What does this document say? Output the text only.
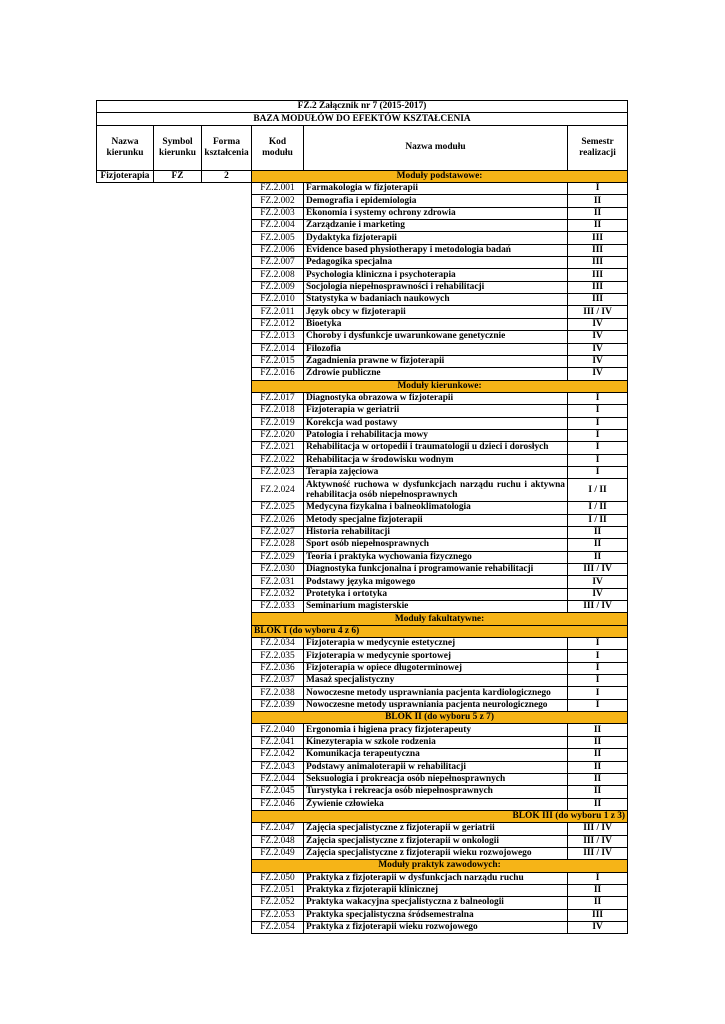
FZ.2 Załącznik nr 7 (2015-2017)					
BAZA MODUŁÓW DO EFEKTÓW KSZTAŁCENIA					
Nazwa kierunku	Symbol kierunku	Forma kształcenia	Kod modułu	Nazwa modułu	Semestr realizacji
Fizjoterapia	FZ	2	Moduły podstawowe:		
			FZ.2.001	Farmakologia w fizjoterapii	I
			FZ.2.002	Demografia i epidemiologia	II
			FZ.2.003	Ekonomia i systemy ochrony zdrowia	II
			FZ.2.004	Zarządzanie i marketing	II
			FZ.2.005	Dydaktyka fizjoterapii	III
			FZ.2.006	Evidence based physiotherapy i metodologia badań	III
			FZ.2.007	Pedagogika specjalna	III
			FZ.2.008	Psychologia kliniczna i psychoterapia	III
			FZ.2.009	Socjologia niepełnosprawności i rehabilitacji	III
			FZ.2.010	Statystyka w badaniach naukowych	III
			FZ.2.011	Język obcy w fizjoterapii	III / IV
			FZ.2.012	Bioetyka	IV
			FZ.2.013	Choroby i dysfunkcje uwarunkowane genetycznie	IV
			FZ.2.014	Filozofia	IV
			FZ.2.015	Zagadnienia prawne w fizjoterapii	IV
			FZ.2.016	Zdrowie publiczne	IV
			Moduły kierunkowe:		
			FZ.2.017	Diagnostyka obrazowa w fizjoterapii	I
			FZ.2.018	Fizjoterapia w geriatrii	I
			FZ.2.019	Korekcja wad postawy	I
			FZ.2.020	Patologia i rehabilitacja mowy	I
			FZ.2.021	Rehabilitacja w ortopedii i traumatologii u dzieci i dorosłych	I
			FZ.2.022	Rehabilitacja w środowisku wodnym	I
			FZ.2.023	Terapia zajęciowa	I
			FZ.2.024	Aktywność ruchowa w dysfunkcjach narządu ruchu i aktywna rehabilitacja osób niepełnosprawnych	I / II
			FZ.2.025	Medycyna fizykalna i balneoklimatologia	I / II
			FZ.2.026	Metody specjalne fizjoterapii	I / II
			FZ.2.027	Historia rehabilitacji	II
			FZ.2.028	Sport osób niepełnosprawnych	II
			FZ.2.029	Teoria i praktyka wychowania fizycznego	II
			FZ.2.030	Diagnostyka funkcjonalna i programowanie rehabilitacji	III / IV
			FZ.2.031	Podstawy języka migowego	IV
			FZ.2.032	Protetyka i ortotyka	IV
			FZ.2.033	Seminarium magisterskie	III / IV
			Moduły fakultatywne:		
			BLOK I (do wyboru 4 z 6)		
			FZ.2.034	Fizjoterapia w medycynie estetycznej	I
			FZ.2.035	Fizjoterapia w medycynie sportowej	I
			FZ.2.036	Fizjoterapia w opiece długoterminowej	I
			FZ.2.037	Masaż specjalistyczny	I
			FZ.2.038	Nowoczesne metody usprawniania pacjenta kardiologicznego	I
			FZ.2.039	Nowoczesne metody usprawniania pacjenta neurologicznego	I
			BLOK II (do wyboru 5 z 7)		
			FZ.2.040	Ergonomia i higiena pracy fizjoterapeuty	II
			FZ.2.041	Kinezyterapia w szkole rodzenia	II
			FZ.2.042	Komunikacja terapeutyczna	II
			FZ.2.043	Podstawy animaloterapii w rehabilitacji	II
			FZ.2.044	Seksuologia i prokreacja osób niepełnosprawnych	II
			FZ.2.045	Turystyka i rekreacja osób niepełnosprawnych	II
			FZ.2.046	Żywienie człowieka	II
			BLOK III (do wyboru 1 z 3)		
			FZ.2.047	Zajęcia specjalistyczne z fizjoterapii w geriatrii	III / IV
			FZ.2.048	Zajęcia specjalistyczne z fizjoterapii w onkologii	III / IV
			FZ.2.049	Zajęcia specjalistyczne z fizjoterapii wieku rozwojowego	III / IV
			Moduły praktyk zawodowych:		
			FZ.2.050	Praktyka z fizjoterapii w dysfunkcjach narządu ruchu	I
			FZ.2.051	Praktyka z fizjoterapii klinicznej	II
			FZ.2.052	Praktyka wakacyjna specjalistyczna z balneologii	II
			FZ.2.053	Praktyka specjalistyczna śródsemestralna	III
			FZ.2.054	Praktyka z fizjoterapii wieku rozwojowego	IV
